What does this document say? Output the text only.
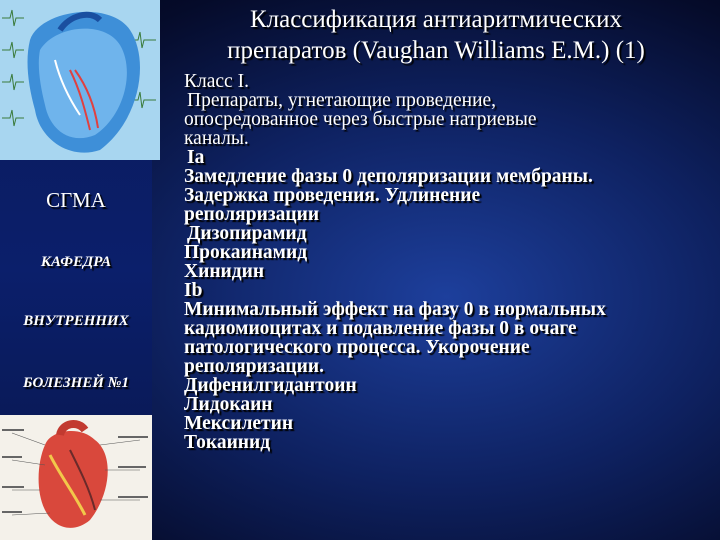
СГМА
КАФЕДРА
ВНУТРЕННИХ
БОЛЕЗНЕЙ №1
Классификация антиаритмических
препаратов (Vaughan Williams E.M.) (1)
Класс I.
Препараты, угнетающие проведение,
опосредованное через быстрые натриевые
каналы.
Ia
Замедление фазы 0 деполяризации мембраны.
Задержка проведения. Удлинение
реполяризации
Дизопирамид
Прокаинамид
Хинидин
Ib
Минимальный эффект на фазу 0 в нормальных
кадиомиоцитах и подавление фазы 0 в очаге
патологического процесса. Укорочение
реполяризации.
Дифенилгидантоин
Лидокаин
Мексилетин
Токаинид
